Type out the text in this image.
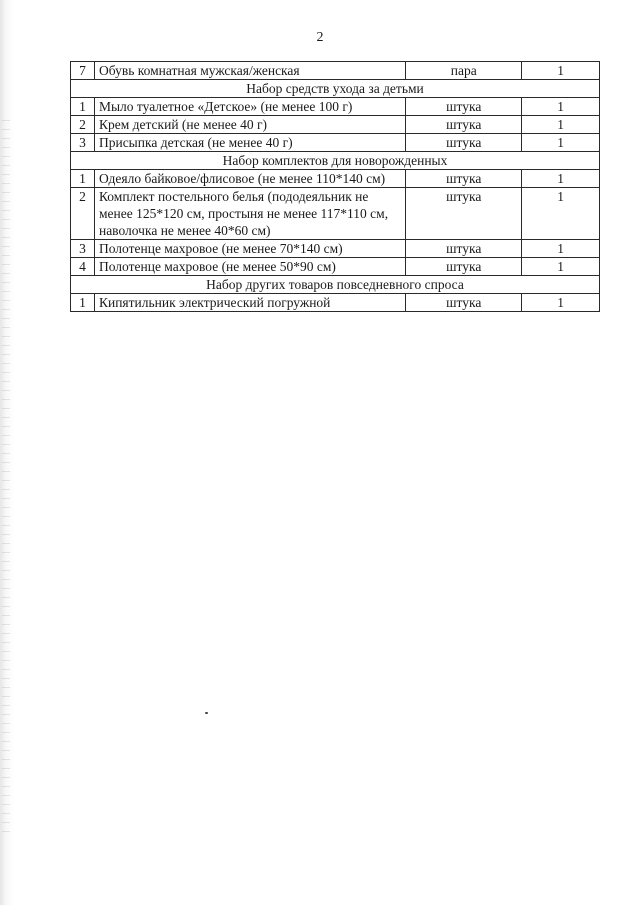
2
7	Обувь комнатная мужская/женская	пара	1
Набор средств ухода за детьми			
1	Мыло туалетное «Детское» (не менее 100 г)	штука	1
2	Крем детский (не менее 40 г)	штука	1
3	Присыпка детская (не менее 40 г)	штука	1
Набор комплектов для новорожденных			
1	Одеяло байковое/флисовое (не менее 110*140 см)	штука	1
2	Комплект постельного белья (пододеяльник не менее 125*120 см, простыня не менее 117*110 см, наволочка не менее 40*60 см)	штука	1
3	Полотенце махровое (не менее 70*140 см)	штука	1
4	Полотенце махровое (не менее 50*90 см)	штука	1
Набор других товаров повседневного спроса			
1	Кипятильник электрический погружной	штука	1
